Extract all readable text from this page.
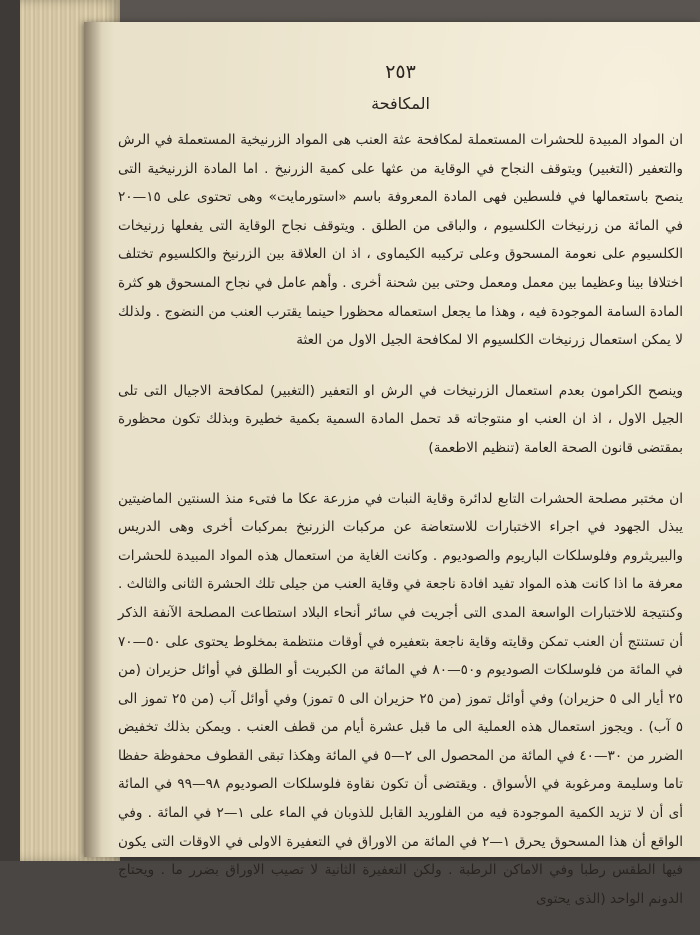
٢٥٣
المكافحة

ان المواد المبيدة للحشرات المستعملة لمكافحة عثة العنب هى المواد الزرنيخية المستعملة في الرش والتعفير (التغبير) ويتوقف النجاح في الوقاية من عثها على كمية الزرنيخ . اما المادة الزرنيخية التى ينصح باستعمالها في فلسطين فهى المادة المعروفة باسم «استورمايت» وهى تحتوى على ١٥—٢٠ في المائة من زرنيخات الكلسيوم ، والباقى من الطلق . ويتوقف نجاح الوقاية التى يفعلها زرنيخات الكلسيوم على نعومة المسحوق وعلى تركيبه الكيماوى ، اذ ان العلاقة بين الزرنيخ والكلسيوم تختلف اختلافا بينا وعظيما بين معمل ومعمل وحتى بين شحنة أخرى . وأهم عامل في نجاح المسحوق هو كثرة المادة السامة الموجودة فيه ، وهذا ما يجعل استعماله محظورا حينما يقترب العنب من النضوج . ولذلك لا يمكن استعمال زرنيخات الكلسيوم الا لمكافحة الجيل الاول من العثة

وينصح الكرامون بعدم استعمال الزرنيخات في الرش او التعفير (التغبير) لمكافحة الاجيال التى تلى الجيل الاول ، اذ ان العنب او منتوجاته قد تحمل المادة السمية بكمية خطيرة وبذلك تكون محظورة بمقتضى قانون الصحة العامة (تنظيم الاطعمة)

ان مختبر مصلحة الحشرات التابع لدائرة وقاية النبات في مزرعة عكا ما فتىء منذ السنتين الماضيتين يبذل الجهود في اجراء الاختبارات للاستعاضة عن مركبات الزرنيخ بمركبات أخرى وهى الدريس والبيريثروم وفلوسلكات الباريوم والصوديوم . وكانت الغاية من استعمال هذه المواد المبيدة للحشرات معرفة ما اذا كانت هذه المواد تفيد افادة ناجعة في وقاية العنب من جيلى تلك الحشرة الثانى والثالث . وكنتيجة للاختبارات الواسعة المدى التى أجريت في سائر أنحاء البلاد استطاعت المصلحة الآنفة الذكر أن تستنتج أن العنب تمكن وقايته وقاية ناجعة بتعفيره في أوقات منتظمة بمخلوط يحتوى على ٥٠—٧٠ في المائة من فلوسلكات الصوديوم و٥٠—٨٠ في المائة من الكبريت أو الطلق في أوائل حزيران (من ٢٥ أيار الى ٥ حزيران) وفي أوائل تموز (من ٢٥ حزيران الى ٥ تموز) وفي أوائل آب (من ٢٥ تموز الى ٥ آب) . ويجوز استعمال هذه العملية الى ما قبل عشرة أيام من قطف العنب . ويمكن بذلك تخفيض الضرر من ٣٠—٤٠ في المائة من المحصول الى ٢—٥ في المائة وهكذا تبقى القطوف محفوظة حفظا تاما وسليمة ومرغوبة في الأسواق . ويقتضى أن تكون نقاوة فلوسلكات الصوديوم ٩٨—٩٩ في المائة أى أن لا تزيد الكمية الموجودة فيه من الفلوريد القابل للذوبان في الماء على ١—٢ في المائة . وفي الواقع أن هذا المسحوق يحرق ١—٢ في المائة من الاوراق في التعفيرة الاولى في الاوقات التى يكون فيها الطقس رطبا وفي الاماكن الرطبة . ولكن التعفيرة الثانية لا تصيب الاوراق بضرر ما . ويحتاج الدونم الواحد (الذى يحتوى
